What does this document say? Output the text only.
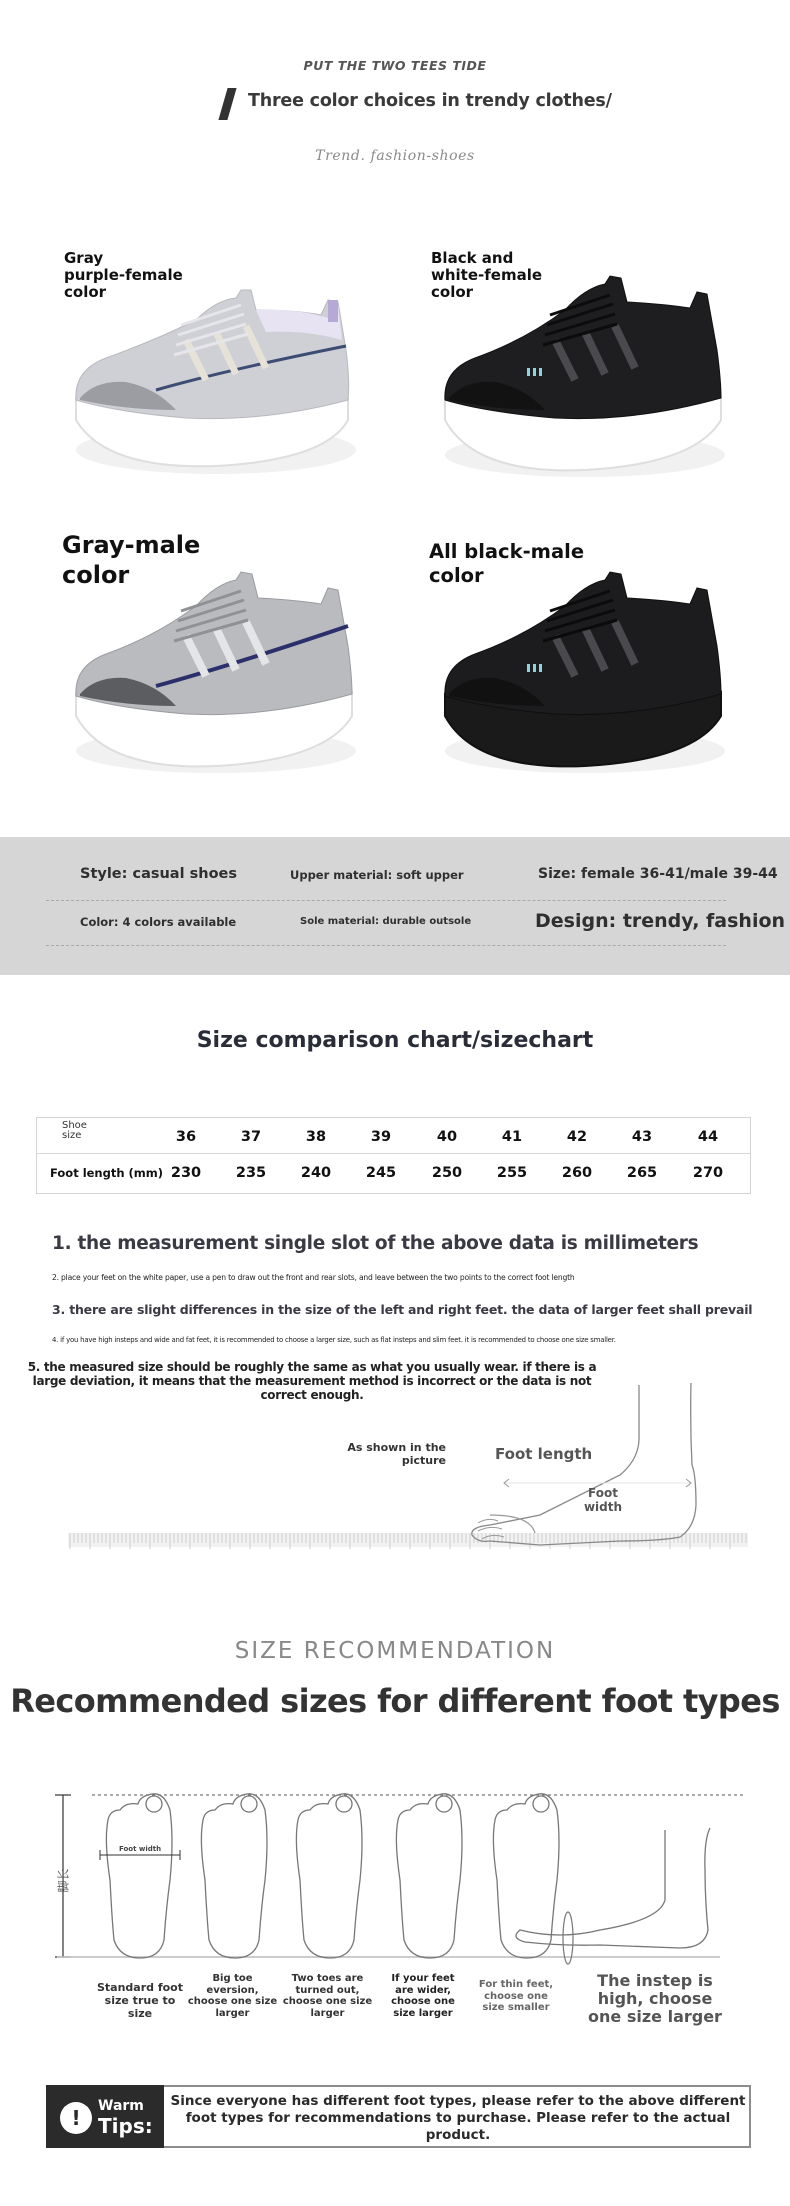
PUT THE TWO TEES TIDE
Three color choices in trendy clothes/
Trend. fashion-shoes
Gray
purple-female
color
Black and
white-female
color
Gray-male
color
All black-male
color
Style: casual shoes	Upper material: soft upper	Size: female 36-41/male 39-44
Color: 4 colors available	Sole material: durable outsole	Design: trendy, fashion
Size comparison chart/sizechart
Shoe
size	36	37	38	39	40	41	42	43	44
Foot length (mm) 230	235	240	245	250	255	260	265	270
1. the measurement single slot of the above data is millimeters
2. place your feet on the white paper, use a pen to draw out the front and rear slots, and leave between the two points to the correct foot length
3. there are slight differences in the size of the left and right feet. the data of larger feet shall prevail
4. if you have high insteps and wide and fat feet, it is recommended to choose a larger size, such as flat insteps and slim feet. it is recommended to choose one size smaller.
5. the measured size should be roughly the same as what you usually wear. if there is a large deviation, it means that the measurement method is incorrect or the data is not correct enough.
As shown in the picture	Foot length
Foot width
SIZE RECOMMENDATION
Recommended sizes for different foot types
脚长
Foot width
Standard foot size true to size
Big toe eversion, choose one size larger
Two toes are turned out, choose one size larger
If your feet are wider, choose one size larger
For thin feet, choose one size smaller
The instep is high, choose one size larger
!	Warm
Tips:
Since everyone has different foot types, please refer to the above different foot types for recommendations to purchase. Please refer to the actual product.
